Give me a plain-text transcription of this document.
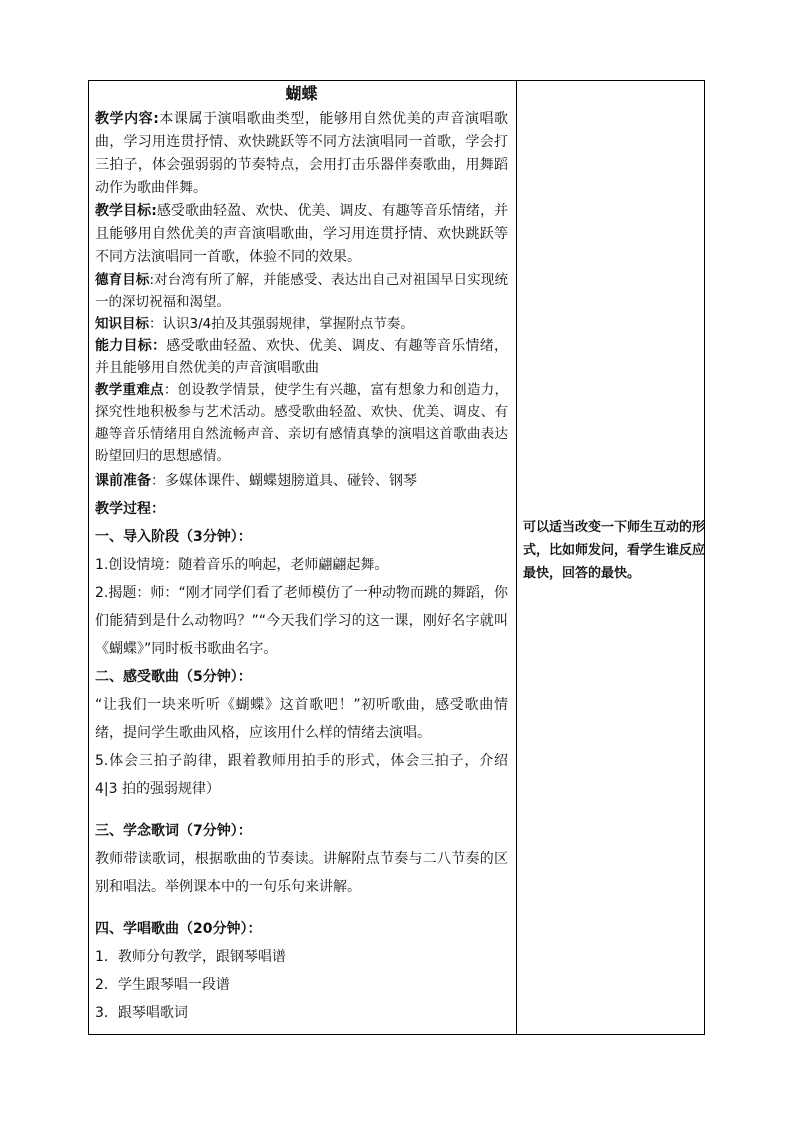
蝴蝶

教学内容:本课属于演唱歌曲类型，能够用自然优美的声音演唱歌曲，学习用连贯抒情、欢快跳跃等不同方法演唱同一首歌，学会打三拍子，体会强弱弱的节奏特点，会用打击乐器伴奏歌曲，用舞蹈动作为歌曲伴舞。

教学目标:感受歌曲轻盈、欢快、优美、调皮、有趣等音乐情绪，并且能够用自然优美的声音演唱歌曲，学习用连贯抒情、欢快跳跃等不同方法演唱同一首歌，体验不同的效果。

德育目标:对台湾有所了解，并能感受、表达出自己对祖国早日实现统一的深切祝福和渴望。

知识目标：认识3/4拍及其强弱规律，掌握附点节奏。

能力目标：感受歌曲轻盈、欢快、优美、调皮、有趣等音乐情绪，并且能够用自然优美的声音演唱歌曲

教学重难点：创设教学情景，使学生有兴趣，富有想象力和创造力，探究性地积极参与艺术活动。感受歌曲轻盈、欢快、优美、调皮、有趣等音乐情绪用自然流畅声音、亲切有感情真挚的演唱这首歌曲表达盼望回归的思想感情。

课前准备：多媒体课件、蝴蝶翅膀道具、碰铃、钢琴

教学过程：

一、导入阶段（3分钟）：

1.创设情境：随着音乐的响起，老师翩翩起舞。

2.揭题：师：“刚才同学们看了老师模仿了一种动物而跳的舞蹈，你们能猜到是什么动物吗？”“今天我们学习的这一课，刚好名字就叫《蝴蝶》”同时板书歌曲名字。

二、感受歌曲（5分钟）：

“让我们一块来听听《蝴蝶》这首歌吧！”初听歌曲，感受歌曲情绪，提问学生歌曲风格，应该用什么样的情绪去演唱。

5.体会三拍子韵律，跟着教师用拍手的形式，体会三拍子，介绍 4|3 拍的强弱规律）

三、学念歌词（7分钟）：

教师带读歌词，根据歌曲的节奏读。讲解附点节奏与二八节奏的区别和唱法。举例课本中的一句乐句来讲解。

四、学唱歌曲（20分钟）：

1．教师分句教学，跟钢琴唱谱

2．学生跟琴唱一段谱

3．跟琴唱歌词

可以适当改变一下师生互动的形式，比如师发问，看学生谁反应最快，回答的最快。
